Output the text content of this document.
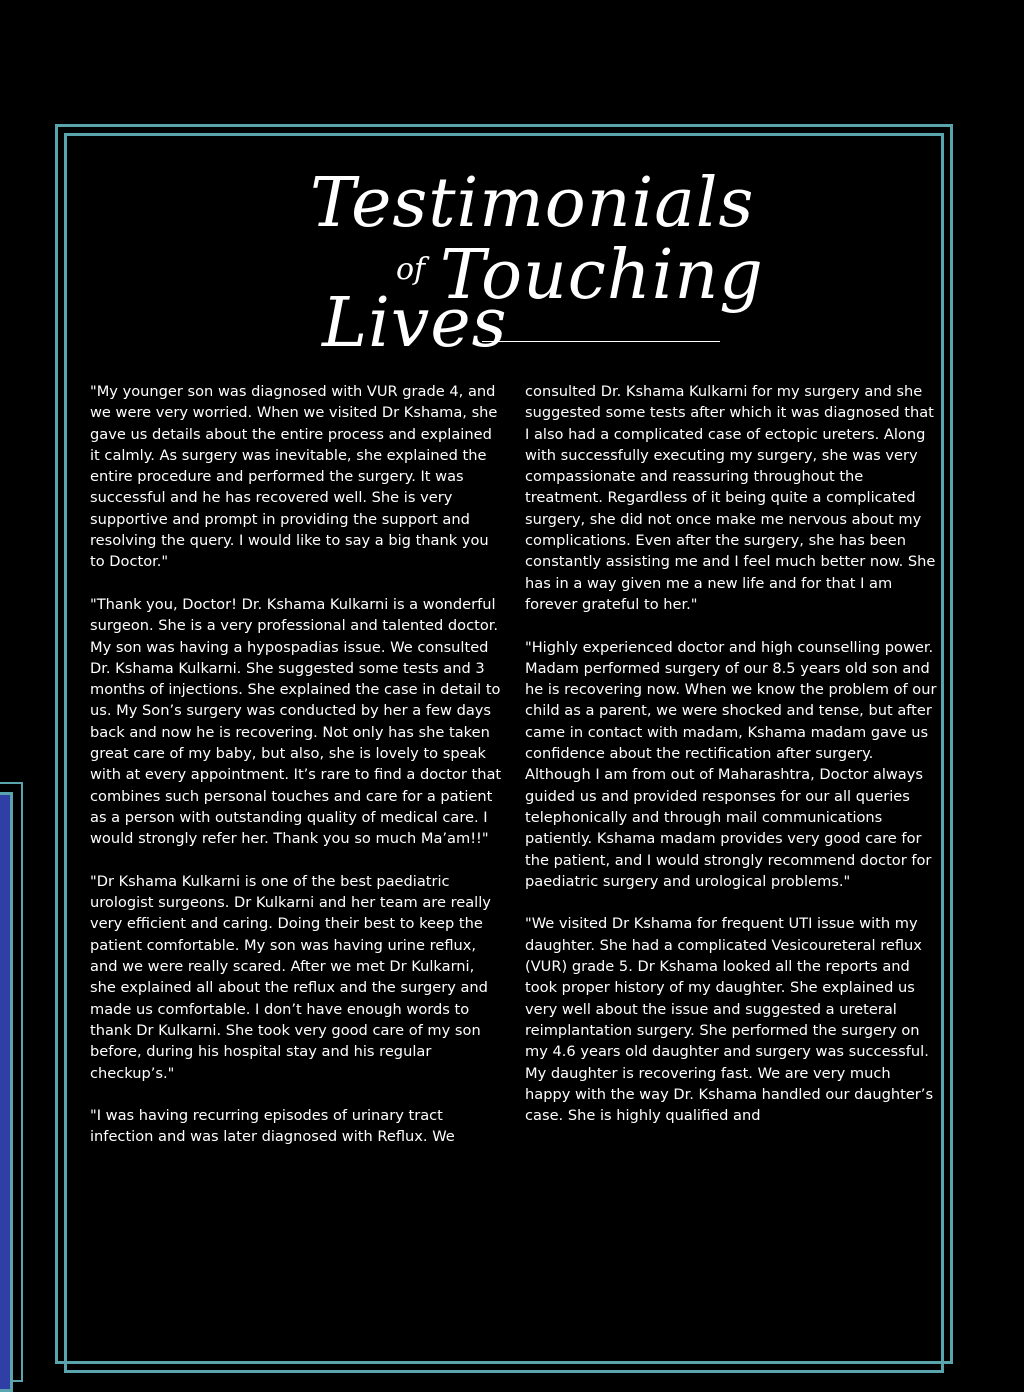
Testimonials
of Touching
Lives

"My younger son was diagnosed with VUR grade 4, and we were very worried. When we visited Dr Kshama, she gave us details about the entire process and explained it calmly. As surgery was inevitable, she explained the entire procedure and performed the surgery. It was successful and he has recovered well. She is very supportive and prompt in providing the support and resolving the query. I would like to say a big thank you to Doctor."

"Thank you, Doctor! Dr. Kshama Kulkarni is a wonderful surgeon. She is a very professional and talented doctor. My son was having a hypospadias issue. We consulted Dr. Kshama Kulkarni. She suggested some tests and 3 months of injections. She explained the case in detail to us. My Son’s surgery was conducted by her a few days back and now he is recovering. Not only has she taken great care of my baby, but also, she is lovely to speak with at every appointment. It’s rare to find a doctor that combines such personal touches and care for a patient as a person with outstanding quality of medical care. I would strongly refer her. Thank you so much Ma’am!!"

"Dr Kshama Kulkarni is one of the best paediatric urologist surgeons. Dr Kulkarni and her team are really very efficient and caring. Doing their best to keep the patient comfortable. My son was having urine reflux, and we were really scared. After we met Dr Kulkarni, she explained all about the reflux and the surgery and made us comfortable. I don’t have enough words to thank Dr Kulkarni. She took very good care of my son before, during his hospital stay and his regular checkup’s."

"I was having recurring episodes of urinary tract infection and was later diagnosed with Reflux. We

consulted Dr. Kshama Kulkarni for my surgery and she suggested some tests after which it was diagnosed that I also had a complicated case of ectopic ureters. Along with successfully executing my surgery, she was very compassionate and reassuring throughout the treatment. Regardless of it being quite a complicated surgery, she did not once make me nervous about my complications. Even after the surgery, she has been constantly assisting me and I feel much better now. She has in a way given me a new life and for that I am forever grateful to her."

"Highly experienced doctor and high counselling power. Madam performed surgery of our 8.5 years old son and he is recovering now. When we know the problem of our child as a parent, we were shocked and tense, but after came in contact with madam, Kshama madam gave us confidence about the rectification after surgery. Although I am from out of Maharashtra, Doctor always guided us and provided responses for our all queries telephonically and through mail communications patiently. Kshama madam provides very good care for the patient, and I would strongly recommend doctor for paediatric surgery and urological problems."

"We visited Dr Kshama for frequent UTI issue with my daughter. She had a complicated Vesicoureteral reflux (VUR) grade 5. Dr Kshama looked all the reports and took proper history of my daughter. She explained us very well about the issue and suggested a ureteral reimplantation surgery. She performed the surgery on my 4.6 years old daughter and surgery was successful. My daughter is recovering fast. We are very much happy with the way Dr. Kshama handled our daughter’s case. She is highly qualified and
